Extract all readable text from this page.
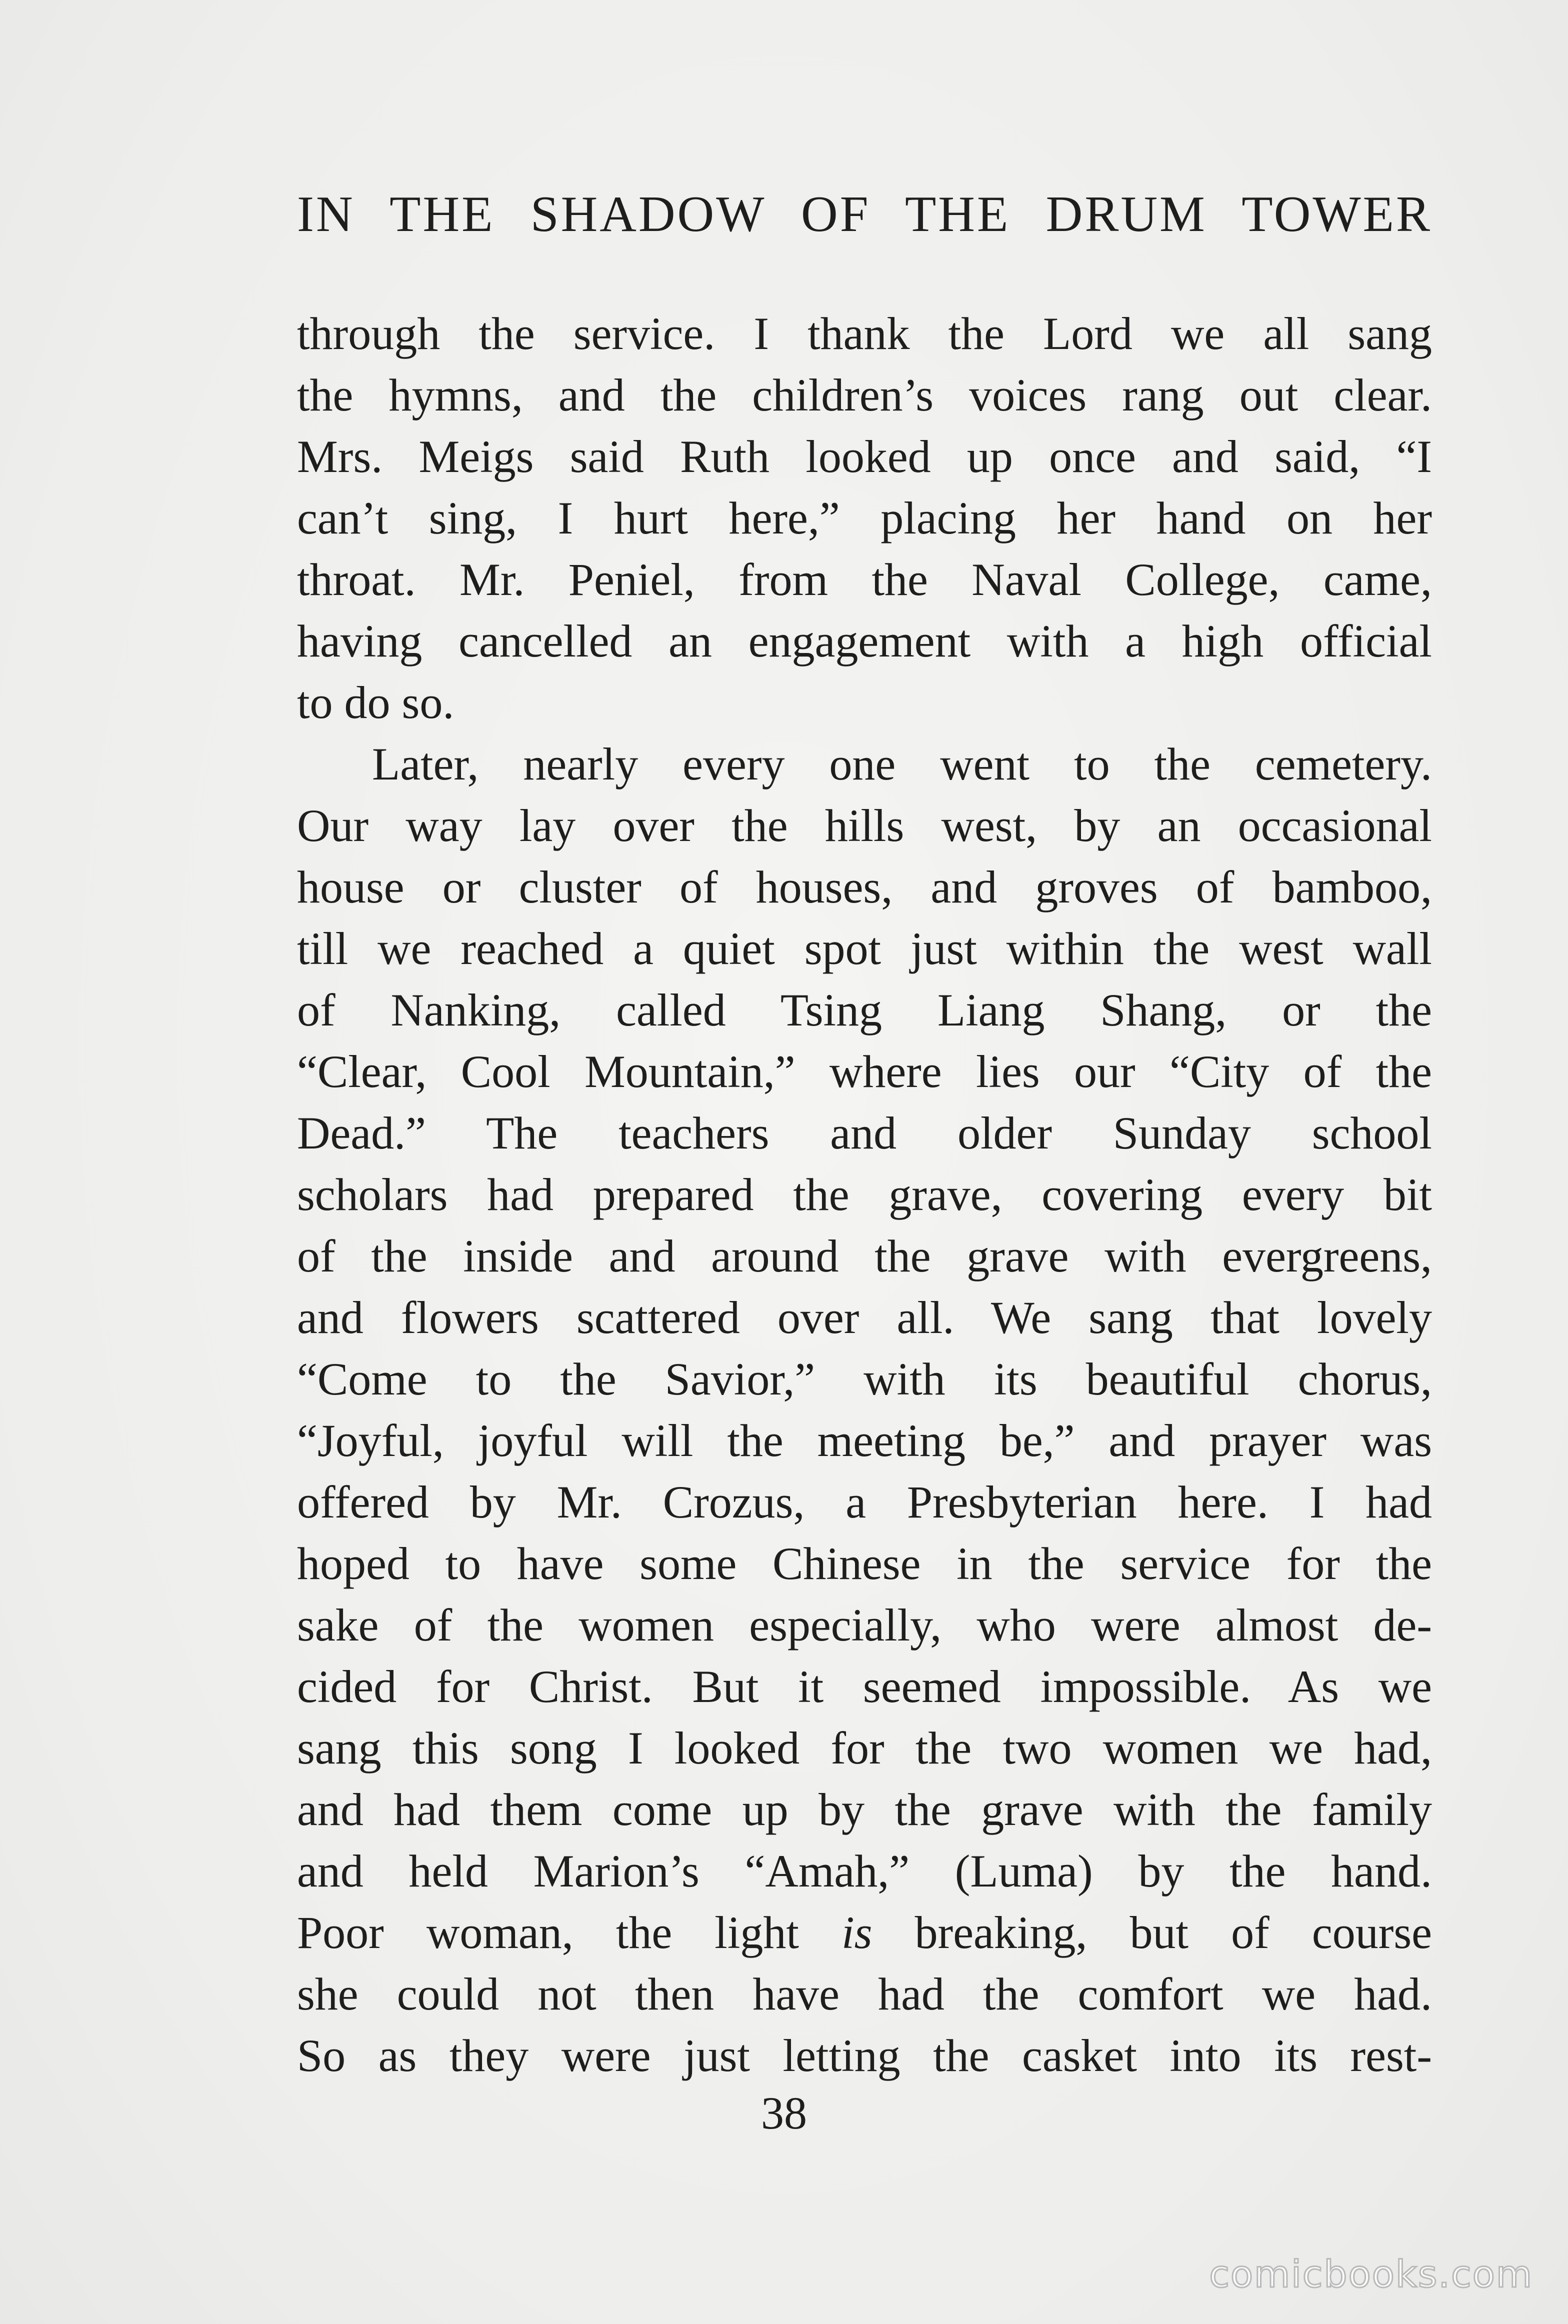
IN THE SHADOW OF THE DRUM TOWER
through the service. I thank the Lord we all sang
the hymns, and the children’s voices rang out clear.
Mrs. Meigs said Ruth looked up once and said, “I
can’t sing, I hurt here,” placing her hand on her
throat. Mr. Peniel, from the Naval College, came,
having cancelled an engagement with a high official
to do so.
Later, nearly every one went to the cemetery.
Our way lay over the hills west, by an occasional
house or cluster of houses, and groves of bamboo,
till we reached a quiet spot just within the west wall
of Nanking, called Tsing Liang Shang, or the
“Clear, Cool Mountain,” where lies our “City of the
Dead.” The teachers and older Sunday school
scholars had prepared the grave, covering every bit
of the inside and around the grave with evergreens,
and flowers scattered over all. We sang that lovely
“Come to the Savior,” with its beautiful chorus,
“Joyful, joyful will the meeting be,” and prayer was
offered by Mr. Crozus, a Presbyterian here. I had
hoped to have some Chinese in the service for the
sake of the women especially, who were almost de-
cided for Christ. But it seemed impossible. As we
sang this song I looked for the two women we had,
and had them come up by the grave with the family
and held Marion’s “Amah,” (Luma) by the hand.
Poor woman, the light is breaking, but of course
she could not then have had the comfort we had.
So as they were just letting the casket into its rest-
38
comicbooks.com
